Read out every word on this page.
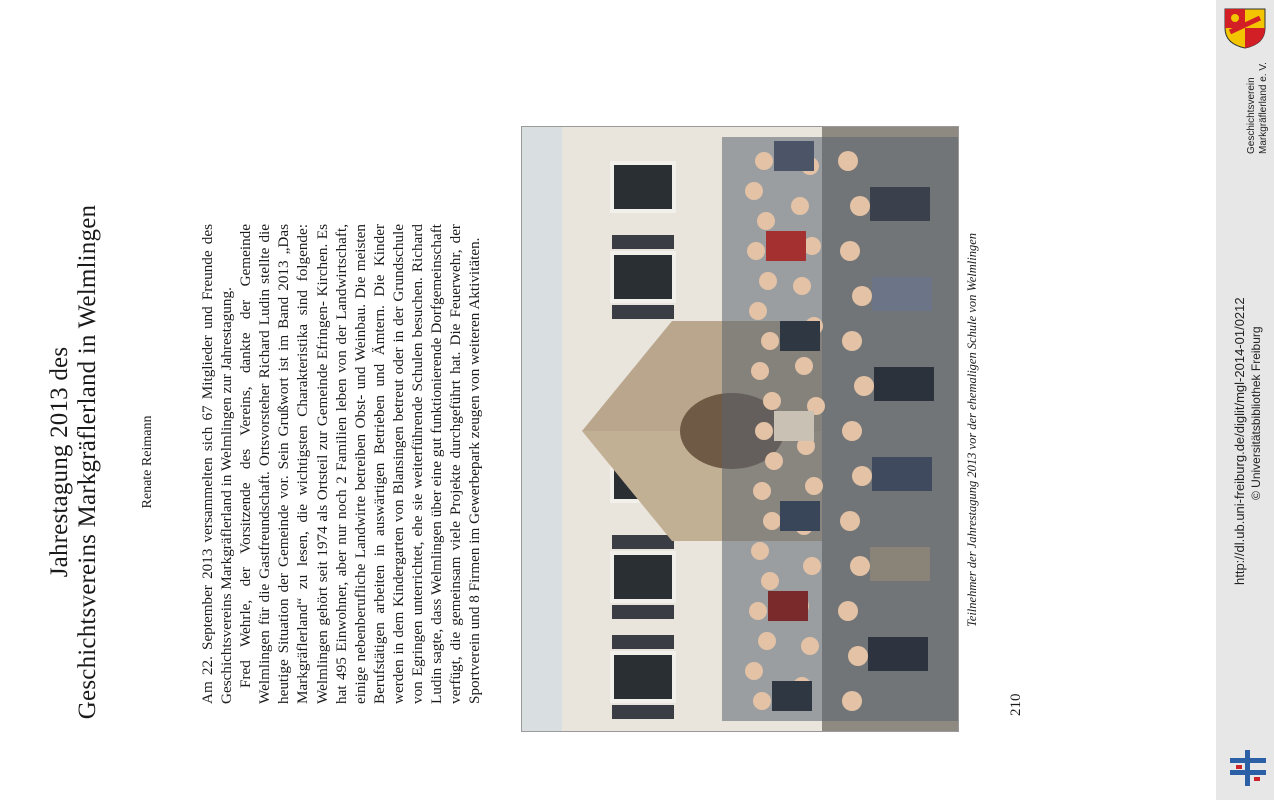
Jahrestagung 2013 des Geschichtsvereins Markgräflerland in Welmlingen	Renate Reimann	Am 22. September 2013 versammelten sich 67 Mitglieder und Freunde des Geschichtsvereins Markgräflerland in Welmlingen zur Jahrestagung. Fred Wehrle, der Vorsitzende des Vereins, dankte der Gemeinde Welmlingen für die Gastfreundschaft. Ortsvorsteher Richard Ludin stellte die heutige Situation der Gemeinde vor. Sein Grußwort ist im Band 2013 „Das Markgräflerland“ zu lesen, die wichtigsten Charakteristika sind folgende: Welmlingen gehört seit 1974 als Ortsteil zur Gemeinde Efringen- Kirchen. Es hat 495 Einwohner, aber nur noch 2 Familien leben von der Landwirtschaft, einige nebenberufliche Landwirte betreiben Obst- und Weinbau. Die meisten Berufstätigen arbeiten in auswärtigen Betrieben und Ämtern. Die Kinder werden in dem Kindergarten von Blansingen betreut oder in der Grundschule von Egringen unterrichtet, ehe sie weiterführende Schulen besuchen. Richard Ludin sagte, dass Welmlingen über eine gut funktionierende Dorfgemeinschaft verfügt, die gemeinsam viele Projekte durchgeführt hat. Die Feuerwehr, der Sportverein und 8 Firmen im Gewerbepark zeugen von weiteren Aktivitäten.	Teilnehmer der Jahrestagung 2013 vor der ehemaligen Schule von Welmlingen
210
Geschichtsverein Markgräflerland e. V.
http://dl.ub.uni-freiburg.de/diglit/mgl-2014-01/0212 © Universitätsbibliothek Freiburg
